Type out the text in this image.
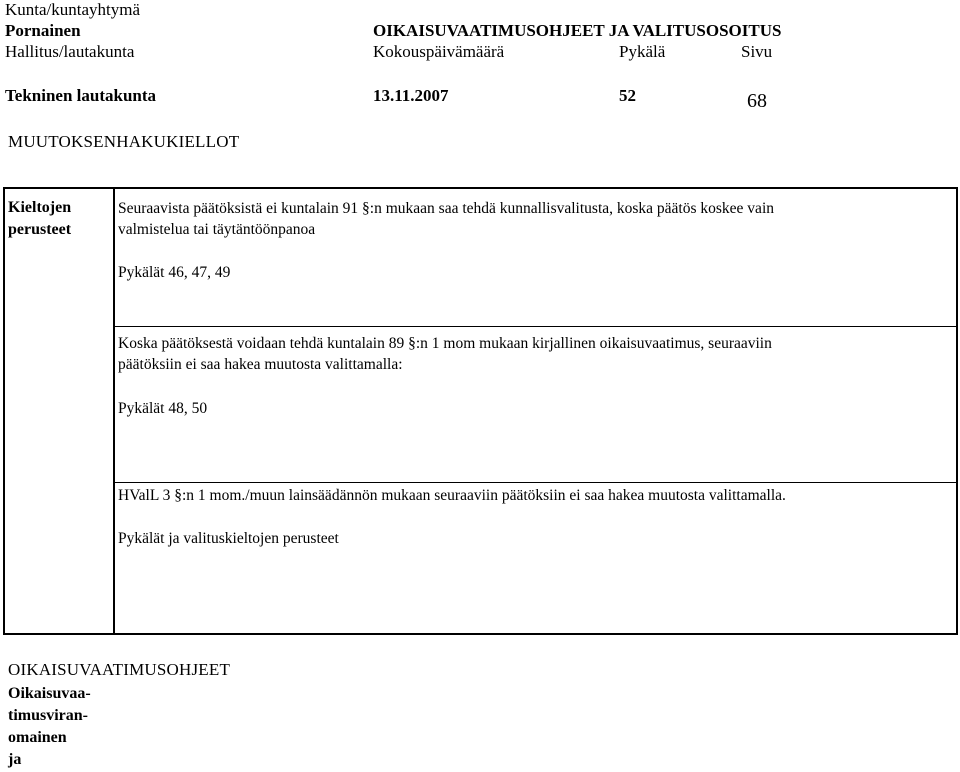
Kunta/kuntayhtymä
Pornainen	OIKAISUVAATIMUSOHJEET JA VALITUSOSOITUS
Hallitus/lautakunta	Kokouspäivämäärä	Pykälä	Sivu
Tekninen lautakunta	13.11.2007	52	68
MUUTOKSENHAKUKIELLOT
Kieltojen
perusteet
Seuraavista päätöksistä ei kuntalain 91 §:n mukaan saa tehdä kunnallisvalitusta, koska päätös koskee vain
valmistelua tai täytäntöönpanoa
Pykälät 46, 47, 49
Koska päätöksestä voidaan tehdä kuntalain 89 §:n 1 mom mukaan kirjallinen oikaisuvaatimus, seuraaviin
päätöksiin ei saa hakea muutosta valittamalla:
Pykälät 48, 50
HValL 3 §:n 1 mom./muun lainsäädännön mukaan seuraaviin päätöksiin ei saa hakea muutosta valittamalla.
Pykälät ja valituskieltojen perusteet
OIKAISUVAATIMUSOHJEET
Oikaisuvaa-
timusviran-
omainen
ja
